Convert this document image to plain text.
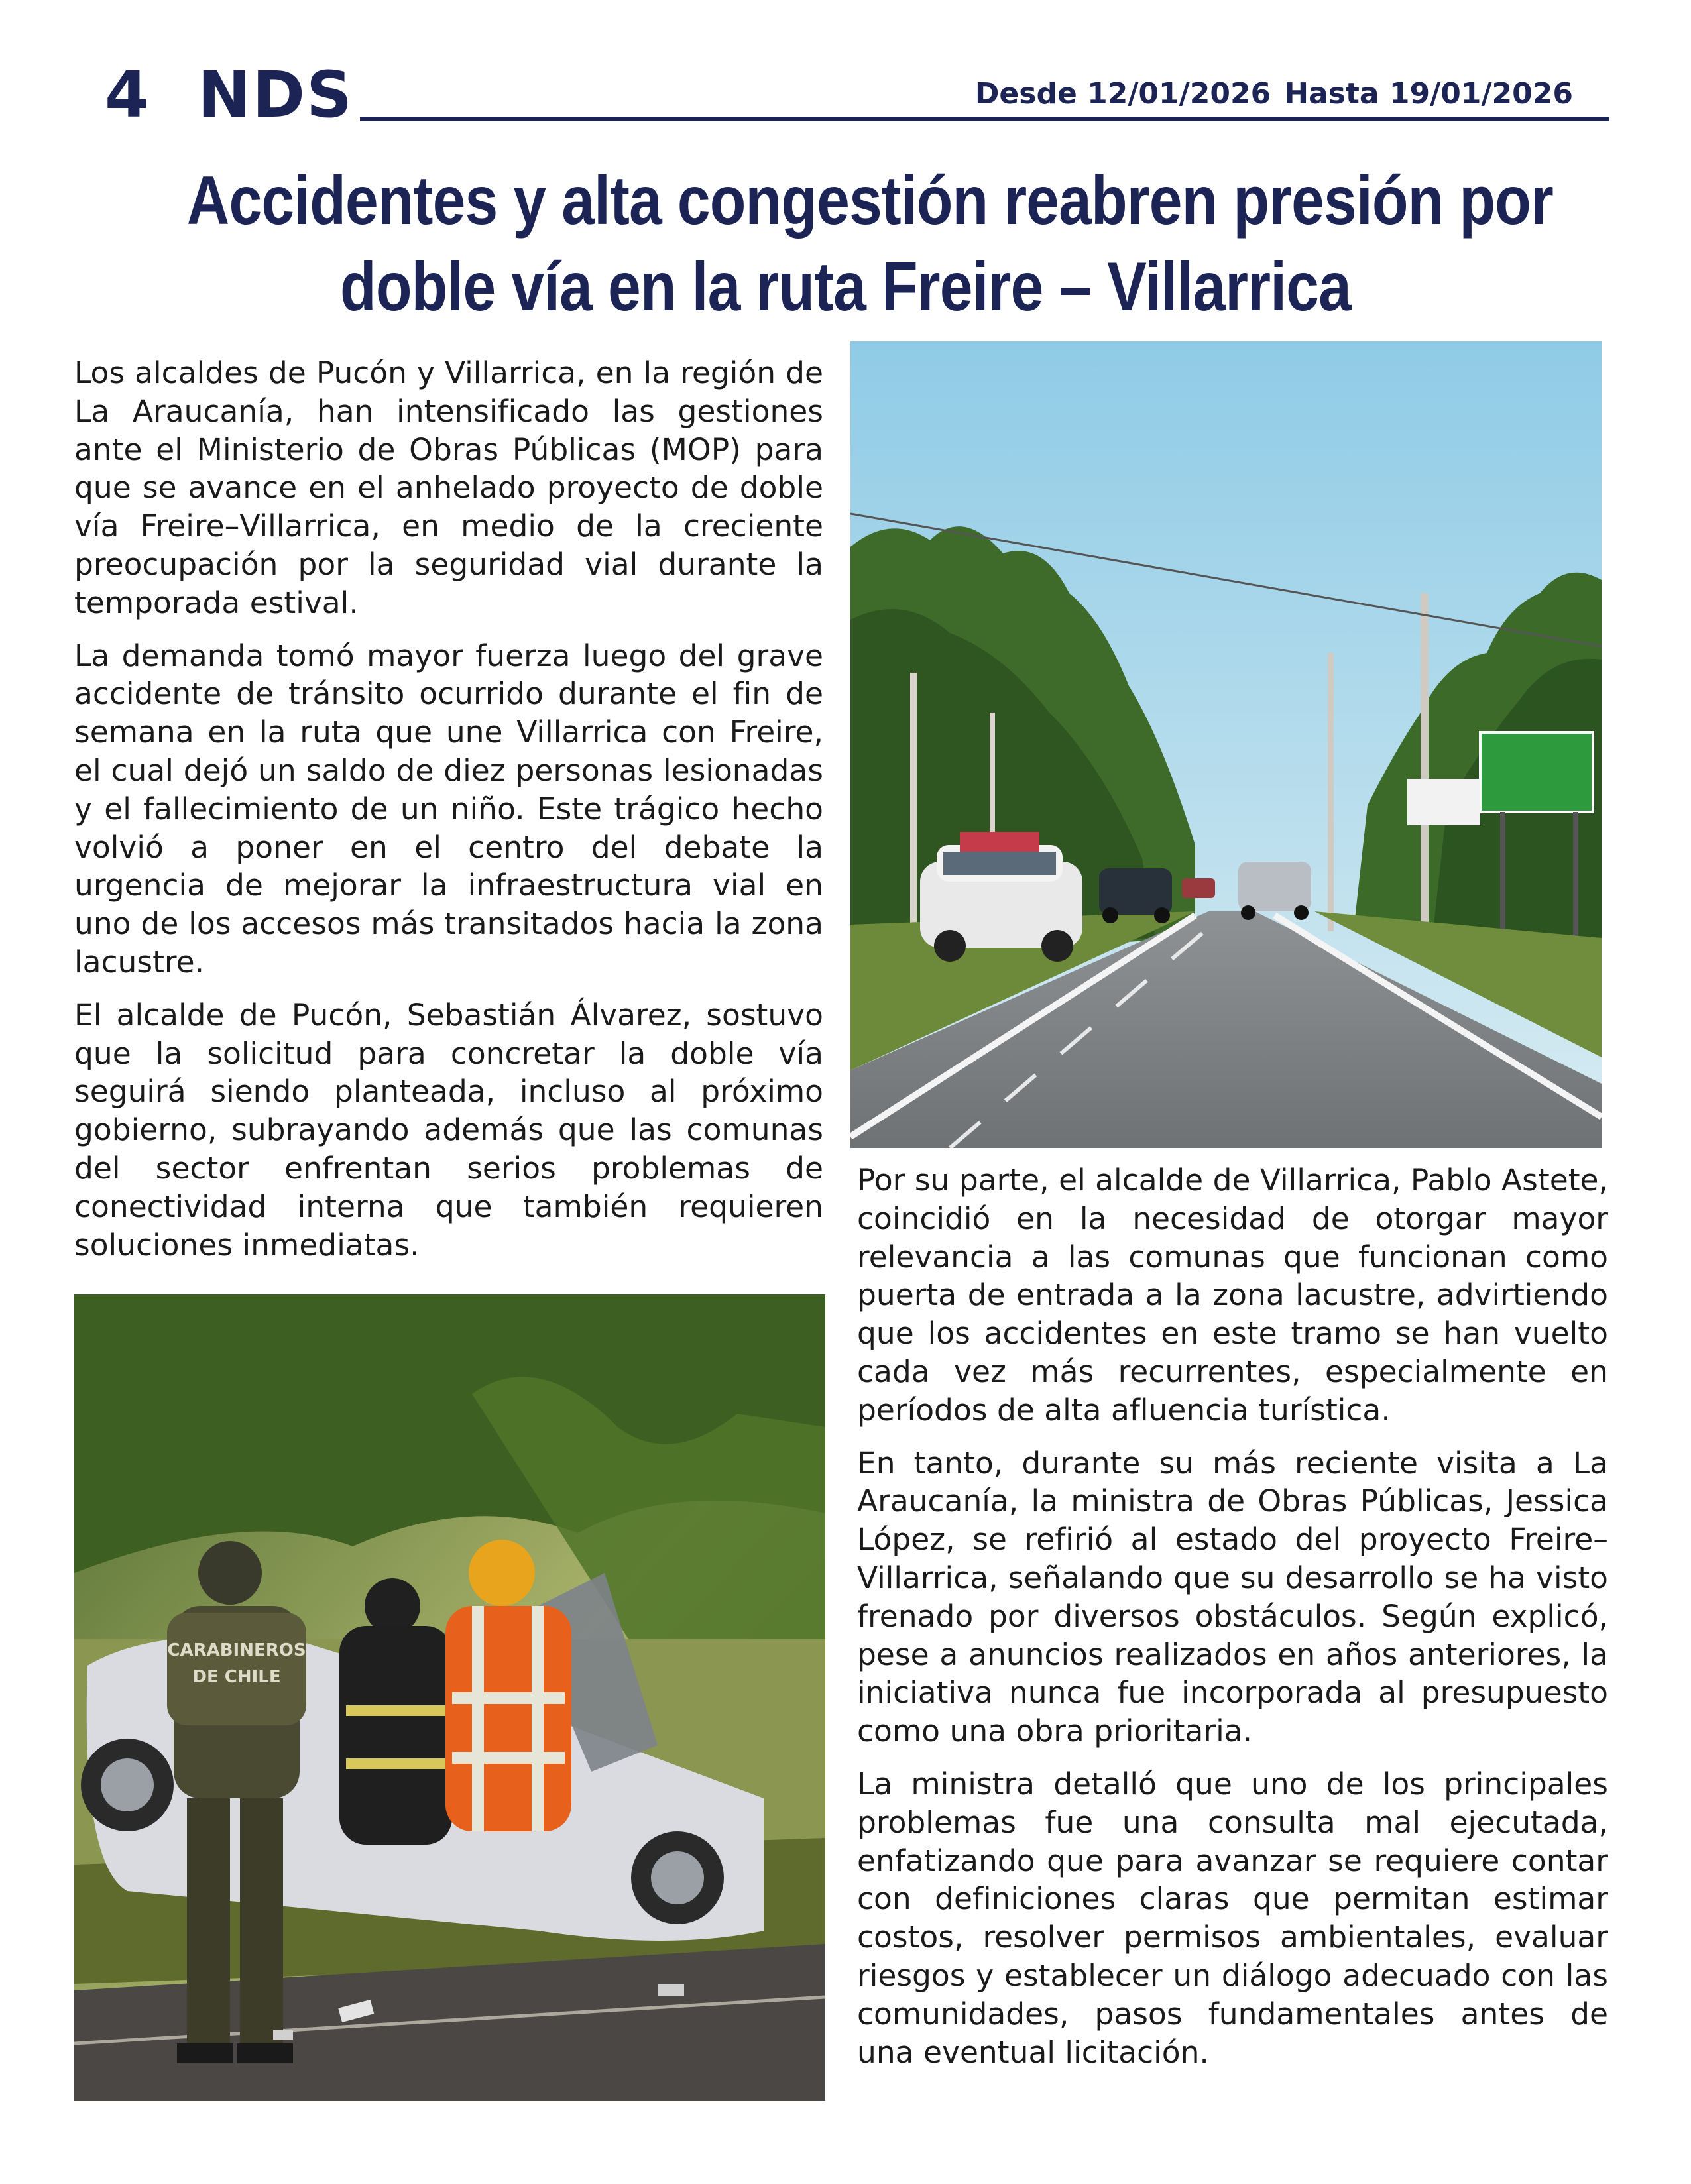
4 NDS	Desde 12/01/2026 Hasta 19/01/2026
Accidentes y alta congestión reabren presión por
doble vía en la ruta Freire – Villarrica

Los alcaldes de Pucón y Villarrica, en la región de La Araucanía, han intensificado las gestiones ante el Ministerio de Obras Públicas (MOP) para que se avance en el anhelado proyecto de doble vía Freire–Villarrica, en medio de la creciente preocupación por la seguridad vial durante la temporada estival.

La demanda tomó mayor fuerza luego del grave accidente de tránsito ocurrido durante el fin de semana en la ruta que une Villarrica con Freire, el cual dejó un saldo de diez personas lesionadas y el fallecimiento de un niño. Este trágico hecho volvió a poner en el centro del debate la urgencia de mejorar la infraestructura vial en uno de los accesos más transitados hacia la zona lacustre.

El alcalde de Pucón, Sebastián Álvarez, sostuvo que la solicitud para concretar la doble vía seguirá siendo planteada, incluso al próximo gobierno, subrayando además que las comunas del sector enfrentan serios problemas de conectividad interna que también requieren soluciones inmediatas.

CARABINEROS
DE CHILE

Por su parte, el alcalde de Villarrica, Pablo Astete, coincidió en la necesidad de otorgar mayor relevancia a las comunas que funcionan como puerta de entrada a la zona lacustre, advirtiendo que los accidentes en este tramo se han vuelto cada vez más recurrentes, especialmente en períodos de alta afluencia turística.

En tanto, durante su más reciente visita a La Araucanía, la ministra de Obras Públicas, Jessica López, se refirió al estado del proyecto Freire–Villarrica, señalando que su desarrollo se ha visto frenado por diversos obstáculos. Según explicó, pese a anuncios realizados en años anteriores, la iniciativa nunca fue incorporada al presupuesto como una obra prioritaria.

La ministra detalló que uno de los principales problemas fue una consulta mal ejecutada, enfatizando que para avanzar se requiere contar con definiciones claras que permitan estimar costos, resolver permisos ambientales, evaluar riesgos y establecer un diálogo adecuado con las comunidades, pasos fundamentales antes de una eventual licitación.
